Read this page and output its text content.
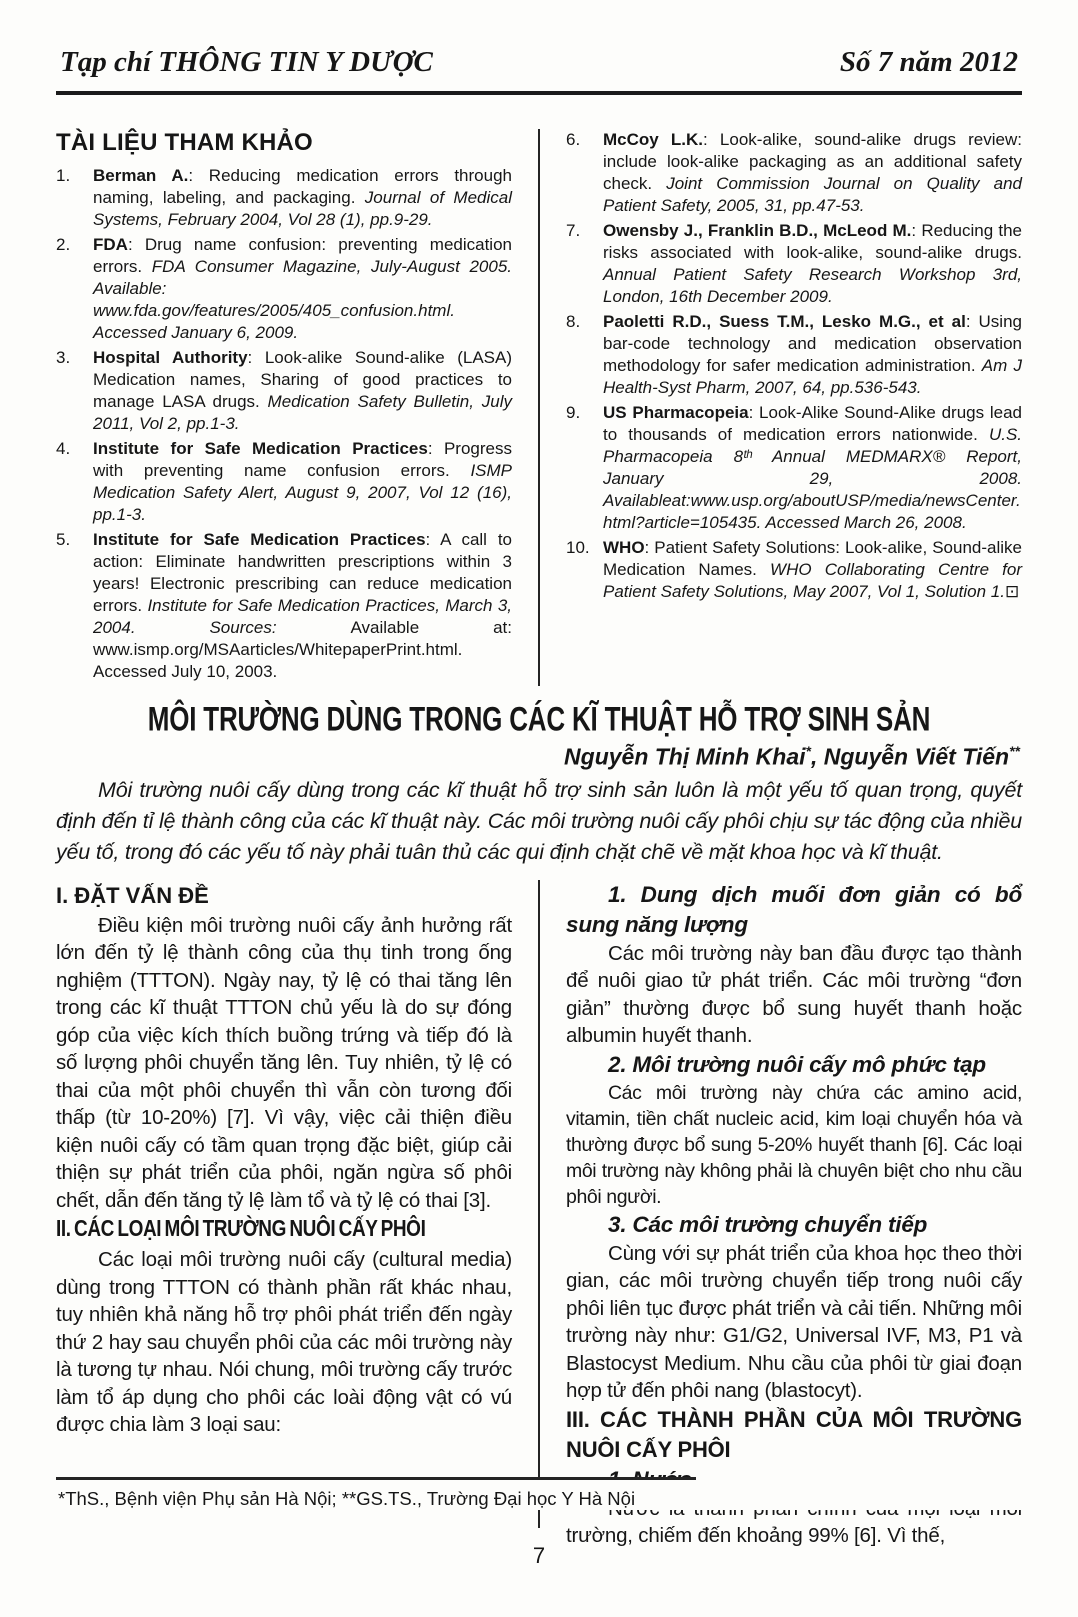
Tạp chí THÔNG TIN Y DƯỢC	Số 7 năm 2012
TÀI LIỆU THAM KHẢO
1.	Berman A.: Reducing medication errors through naming, labeling, and packaging. Journal of Medical Systems, February 2004, Vol 28 (1), pp.9-29.
2.	FDA: Drug name confusion: preventing medication errors. FDA Consumer Magazine, July-August 2005. Available: www.fda.gov/features/2005/405_confusion.html. Accessed January 6, 2009.
3.	Hospital Authority: Look-alike Sound-alike (LASA) Medication names, Sharing of good practices to manage LASA drugs. Medication Safety Bulletin, July 2011, Vol 2, pp.1-3.
4.	Institute for Safe Medication Practices: Progress with preventing name confusion errors. ISMP Medication Safety Alert, August 9, 2007, Vol 12 (16), pp.1-3.
5.	Institute for Safe Medication Practices: A call to action: Eliminate handwritten prescriptions within 3 years! Electronic prescribing can reduce medication errors. Institute for Safe Medication Practices, March 3, 2004. Sources: Available at: www.ismp.org/MSAarticles/WhitepaperPrint.html. Accessed July 10, 2003.
6.	McCoy L.K.: Look-alike, sound-alike drugs review: include look-alike packaging as an additional safety check. Joint Commission Journal on Quality and Patient Safety, 2005, 31, pp.47-53.
7.	Owensby J., Franklin B.D., McLeod M.: Reducing the risks associated with look-alike, sound-alike drugs. Annual Patient Safety Research Workshop 3rd, London, 16th December 2009.
8.	Paoletti R.D., Suess T.M., Lesko M.G., et al: Using bar-code technology and medication observation methodology for safer medication administration. Am J Health-Syst Pharm, 2007, 64, pp.536-543.
9.	US Pharmacopeia: Look-Alike Sound-Alike drugs lead to thousands of medication errors nationwide. U.S. Pharmacopeia 8ᵗʰ Annual MEDMARX® Report, January 29, 2008. Availableat:www.usp.org/aboutUSP/media/newsCenter.html?article=105435. Accessed March 26, 2008.
10. WHO: Patient Safety Solutions: Look-alike, Sound-alike Medication Names. WHO Collaborating Centre for Patient Safety Solutions, May 2007, Vol 1, Solution 1.⊡
MÔI TRƯỜNG DÙNG TRONG CÁC KĨ THUẬT HỖ TRỢ SINH SẢN
Nguyễn Thị Minh Khai*, Nguyễn Viết Tiến**

Môi trường nuôi cấy dùng trong các kĩ thuật hỗ trợ sinh sản luôn là một yếu tố quan trọng, quyết định đến tỉ lệ thành công của các kĩ thuật này. Các môi trường nuôi cấy phôi chịu sự tác động của nhiều yếu tố, trong đó các yếu tố này phải tuân thủ các qui định chặt chẽ về mặt khoa học và kĩ thuật.

I. ĐẶT VẤN ĐỀ

Điều kiện môi trường nuôi cấy ảnh hưởng rất lớn đến tỷ lệ thành công của thụ tinh trong ống nghiệm (TTTON). Ngày nay, tỷ lệ có thai tăng lên trong các kĩ thuật TTTON chủ yếu là do sự đóng góp của việc kích thích buồng trứng và tiếp đó là số lượng phôi chuyển tăng lên. Tuy nhiên, tỷ lệ có thai của một phôi chuyển thì vẫn còn tương đối thấp (từ 10-20%) [7]. Vì vậy, việc cải thiện điều kiện nuôi cấy có tầm quan trọng đặc biệt, giúp cải thiện sự phát triển của phôi, ngăn ngừa số phôi chết, dẫn đến tăng tỷ lệ làm tổ và tỷ lệ có thai [3].

II. CÁC LOẠI MÔI TRƯỜNG NUÔI CẤY PHÔI

Các loại môi trường nuôi cấy (cultural media) dùng trong TTTON có thành phần rất khác nhau, tuy nhiên khả năng hỗ trợ phôi phát triển đến ngày thứ 2 hay sau chuyển phôi của các môi trường này là tương tự nhau. Nói chung, môi trường cấy trước làm tổ áp dụng cho phôi các loài động vật có vú được chia làm 3 loại sau:

1. Dung dịch muối đơn giản có bổ sung năng lượng

Các môi trường này ban đầu được tạo thành để nuôi giao tử phát triển. Các môi trường “đơn giản” thường được bổ sung huyết thanh hoặc albumin huyết thanh.

2. Môi trường nuôi cấy mô phức tạp

Các môi trường này chứa các amino acid, vitamin, tiền chất nucleic acid, kim loại chuyển hóa và thường được bổ sung 5-20% huyết thanh [6]. Các loại môi trường này không phải là chuyên biệt cho nhu cầu phôi người.

3. Các môi trường chuyển tiếp

Cùng với sự phát triển của khoa học theo thời gian, các môi trường chuyển tiếp trong nuôi cấy phôi liên tục được phát triển và cải tiến. Những môi trường này như: G1/G2, Universal IVF, M3, P1 và Blastocyst Medium. Nhu cầu của phôi từ giai đoạn hợp tử đến phôi nang (blastocyt).

III. CÁC THÀNH PHẦN CỦA MÔI TRƯỜNG NUÔI CẤY PHÔI

trường, chiếm đến khoảng 99% [6]. Vì thế,

*ThS., Bệnh viện Phụ sản Hà Nội; **GS.TS., Trường Đại học Y Hà Nội
7
